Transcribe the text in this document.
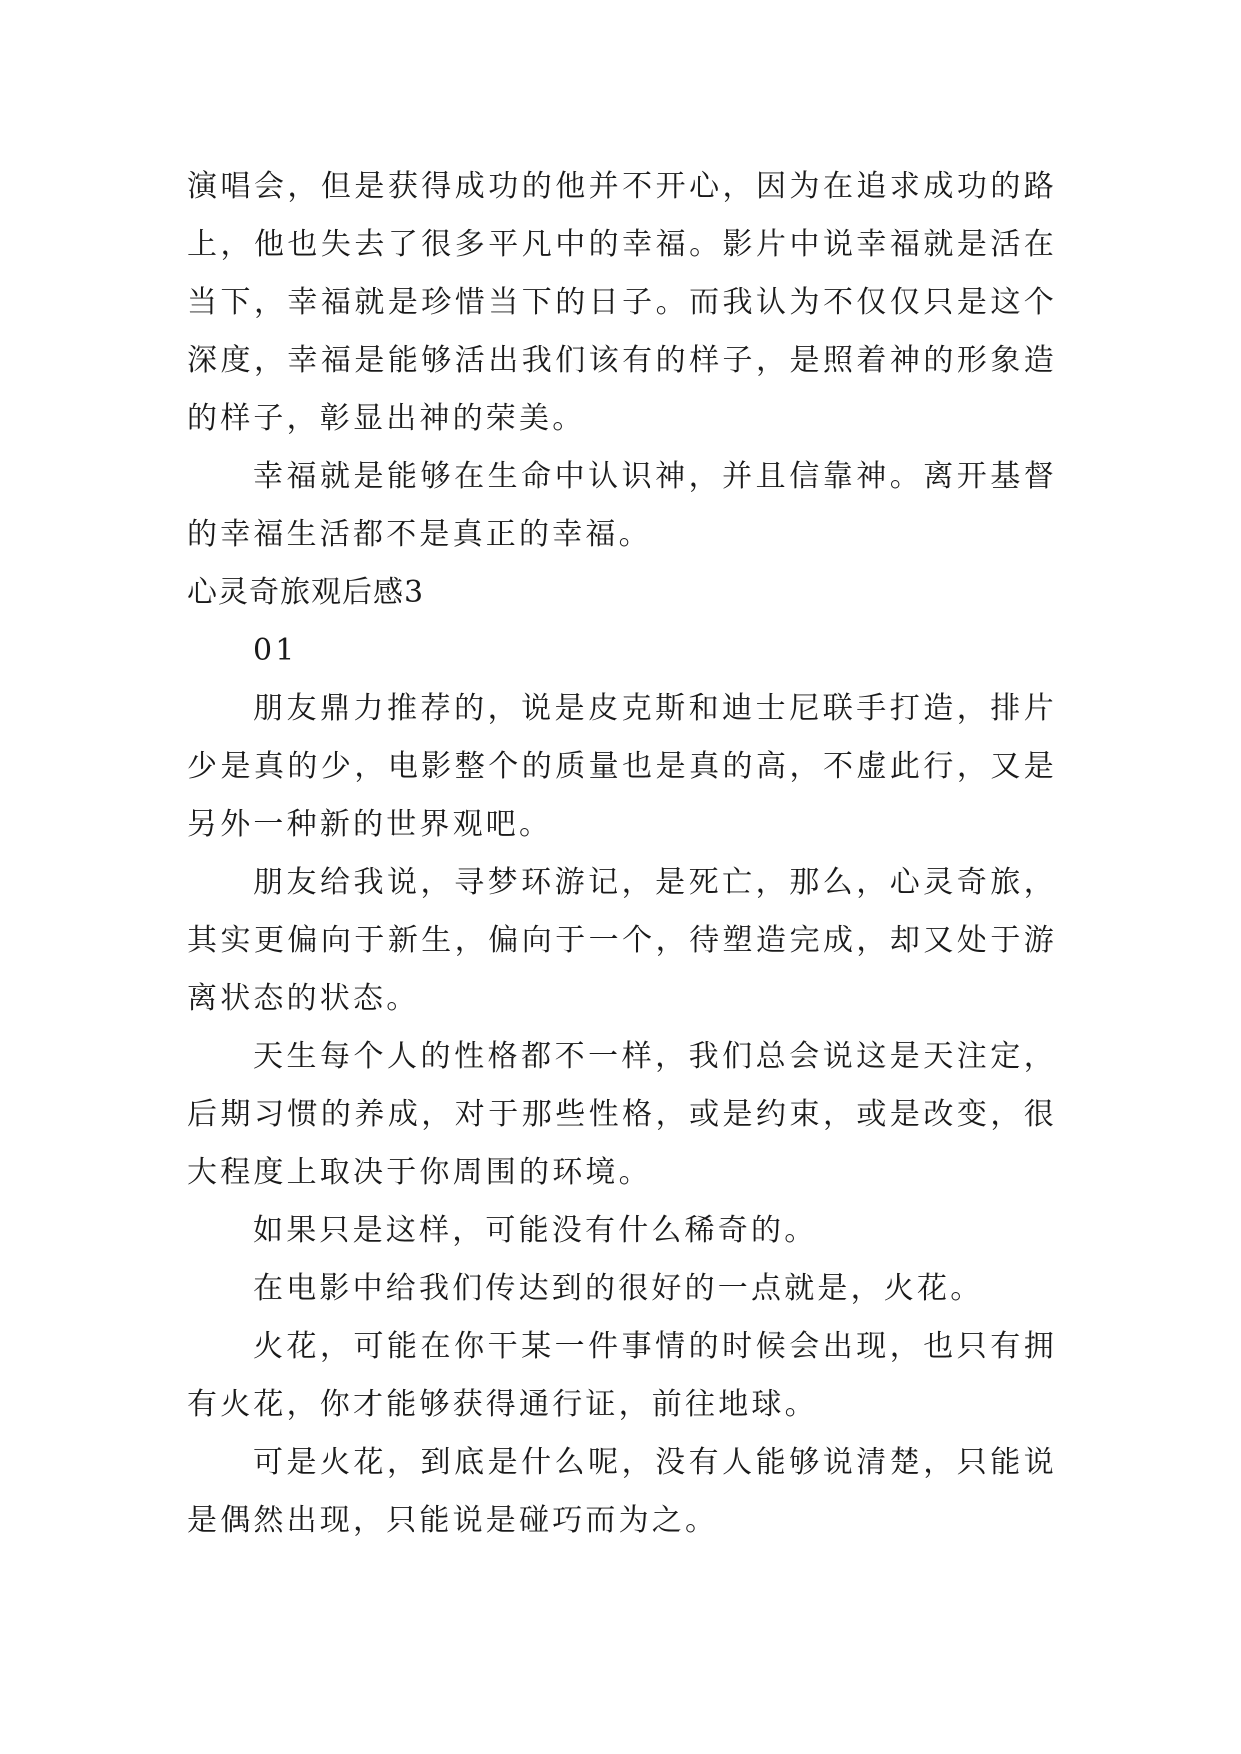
演唱会，但是获得成功的他并不开心，因为在追求成功的路上，他也失去了很多平凡中的幸福。影片中说幸福就是活在当下，幸福就是珍惜当下的日子。而我认为不仅仅只是这个深度，幸福是能够活出我们该有的样子，是照着神的形象造的样子，彰显出神的荣美。

幸福就是能够在生命中认识神，并且信靠神。离开基督的幸福生活都不是真正的幸福。

心灵奇旅观后感3

01

朋友鼎力推荐的，说是皮克斯和迪士尼联手打造，排片少是真的少，电影整个的质量也是真的高，不虚此行，又是另外一种新的世界观吧。

朋友给我说，寻梦环游记，是死亡，那么，心灵奇旅，其实更偏向于新生，偏向于一个，待塑造完成，却又处于游离状态的状态。

天生每个人的性格都不一样，我们总会说这是天注定，后期习惯的养成，对于那些性格，或是约束，或是改变，很大程度上取决于你周围的环境。

如果只是这样，可能没有什么稀奇的。

在电影中给我们传达到的很好的一点就是，火花。

火花，可能在你干某一件事情的时候会出现，也只有拥有火花，你才能够获得通行证，前往地球。

可是火花，到底是什么呢，没有人能够说清楚，只能说是偶然出现，只能说是碰巧而为之。
